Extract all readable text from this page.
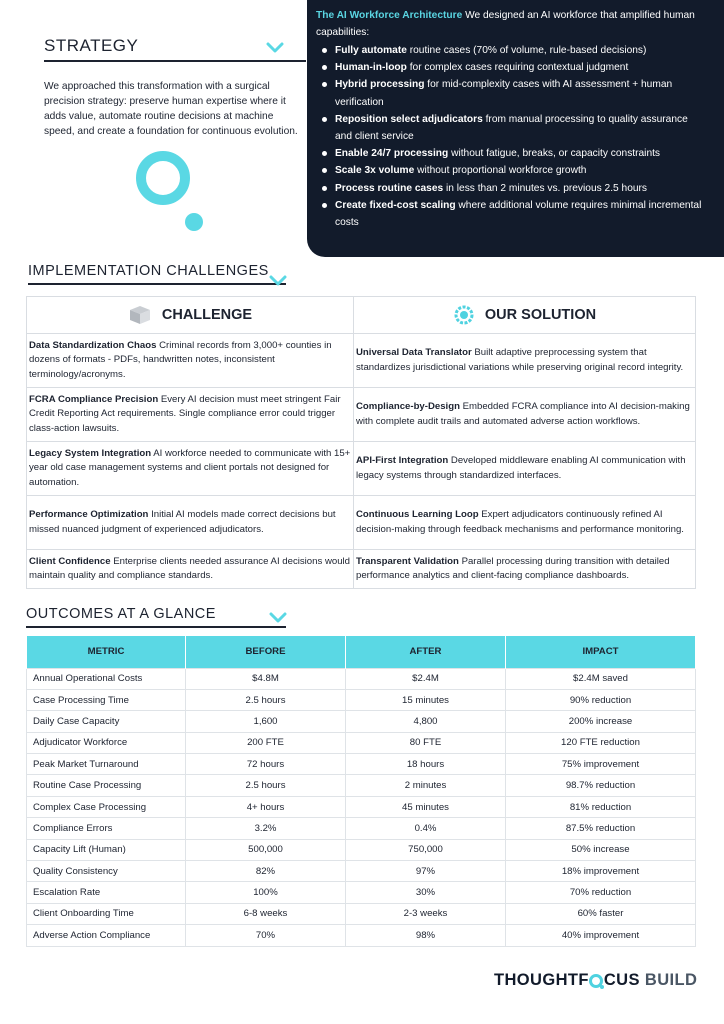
STRATEGY

We approached this transformation with a surgical precision strategy: preserve human expertise where it adds value, automate routine decisions at machine speed, and create a foundation for continuous evolution.

The AI Workforce Architecture We designed an AI workforce that amplified human capabilities:

Fully automate routine cases (70% of volume, rule-based decisions)
Human-in-loop for complex cases requiring contextual judgment
Hybrid processing for mid-complexity cases with AI assessment + human verification
Reposition select adjudicators from manual processing to quality assurance and client service
Enable 24/7 processing without fatigue, breaks, or capacity constraints
Scale 3x volume without proportional workforce growth
Process routine cases in less than 2 minutes vs. previous 2.5 hours
Create fixed-cost scaling where additional volume requires minimal incremental costs
IMPLEMENTATION CHALLENGES
CHALLENGE	OUR SOLUTION

Data Standardization Chaos Criminal records from 3,000+ counties in dozens of formats - PDFs, handwritten notes, inconsistent terminology/acronyms.	Universal Data Translator Built adaptive preprocessing system that standardizes jurisdictional variations while preserving original record integrity.
FCRA Compliance Precision Every AI decision must meet stringent Fair Credit Reporting Act requirements. Single compliance error could trigger class-action lawsuits.	Compliance-by-Design Embedded FCRA compliance into AI decision-making with complete audit trails and automated adverse action workflows.
Legacy System Integration AI workforce needed to communicate with 15+ year old case management systems and client portals not designed for automation.	API-First Integration Developed middleware enabling AI communication with legacy systems through standardized interfaces.
Performance Optimization Initial AI models made correct decisions but missed nuanced judgment of experienced adjudicators.	Continuous Learning Loop Expert adjudicators continuously refined AI decision-making through feedback mechanisms and performance monitoring.
Client Confidence Enterprise clients needed assurance AI decisions would maintain quality and compliance standards.	Transparent Validation Parallel processing during transition with detailed performance analytics and client-facing compliance dashboards.
OUTCOMES AT A GLANCE
METRIC	BEFORE	AFTER	IMPACT
Annual Operational Costs	$4.8M	$2.4M	$2.4M saved
Case Processing Time	2.5 hours	15 minutes	90% reduction
Daily Case Capacity	1,600	4,800	200% increase
Adjudicator Workforce	200 FTE	80 FTE	120 FTE reduction
Peak Market Turnaround	72 hours	18 hours	75% improvement
Routine Case Processing	2.5 hours	2 minutes	98.7% reduction
Complex Case Processing	4+ hours	45 minutes	81% reduction
Compliance Errors	3.2%	0.4%	87.5% reduction
Capacity Lift (Human)	500,000	750,000	50% increase
Quality Consistency	82%	97%	18% improvement
Escalation Rate	100%	30%	70% reduction
Client Onboarding Time	6-8 weeks	2-3 weeks	60% faster
Adverse Action Compliance	70%	98%	40% improvement
THOUGHTF CUS BUILD
